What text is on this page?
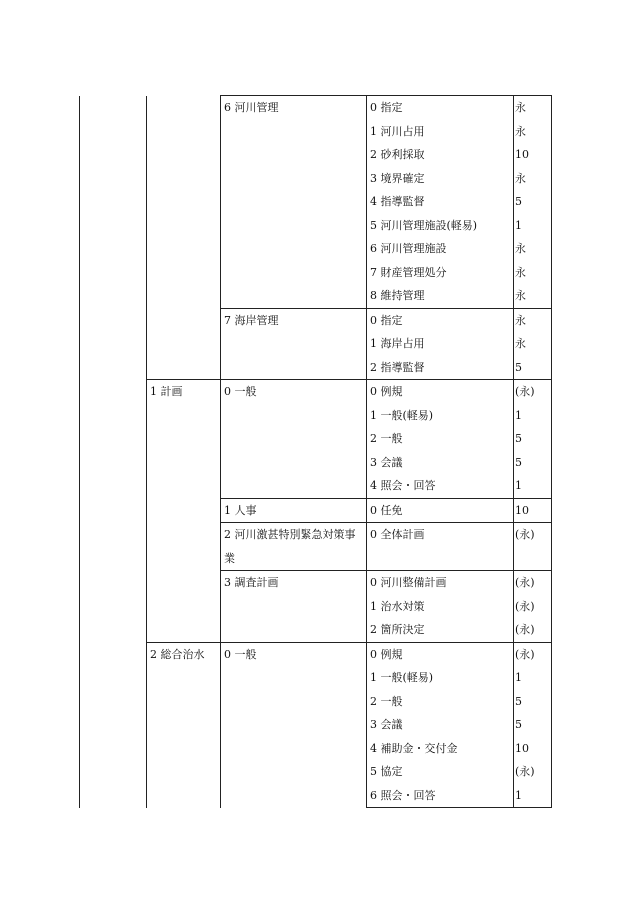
		6 河川管理	0 指定	永
			1 河川占用	永
			2 砂利採取	10
			3 境界確定	永
			4 指導監督	5
			5 河川管理施設(軽易)	1
			6 河川管理施設	永
			7 財産管理処分	永
			8 維持管理	永
		7 海岸管理	0 指定	永
			1 海岸占用	永
			2 指導監督	5
	1 計画	0 一般	0 例規	(永)
			1 一般(軽易)	1
			2 一般	5
			3 会議	5
			4 照会・回答	1
		1 人事	0 任免	10

		2 河川激甚特別緊急対策事業	0 全体計画	(永)
		3 調査計画	0 河川整備計画	(永)
			1 治水対策	(永)
			2 箇所決定	(永)
	2 総合治水	0 一般	0 例規	(永)
			1 一般(軽易)	1
			2 一般	5
			3 会議	5
			4 補助金・交付金	10
			5 協定	(永)
			6 照会・回答	1
